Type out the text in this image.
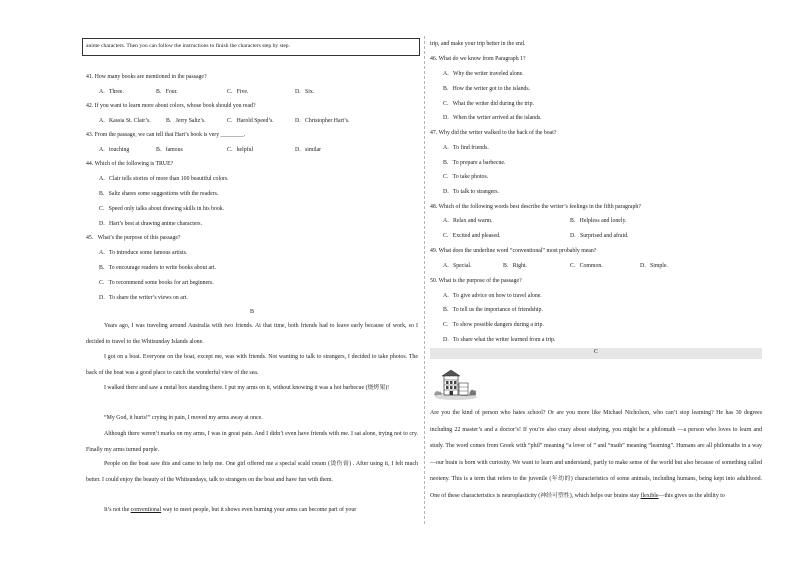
anime characters. Then you can follow the instructions to finish the characters step by step.
41. How many books are mentioned in the passage?
A．Three.	B．Four.	C．Five.	D．Six.
42. If you want to learn more about colors, whose book should you read?
A．Kassia St. Clair’s.	B．Jerry Saltz’s.	C．Harold Speed’s.	D．Christopher Hart’s.
43. From the passage, we can tell that Hart’s book is very ________.
A．touching	B．famous	C．helpful	D．similar
44. Which of the following is TRUE?
A．Clair tells stories of more than 100 beautiful colors.
B．Saltz shares some suggestions with the readers.
C．Speed only talks about drawing skills in his book.
D．Hart’s best at drawing anime characters.
45．What’s the purpose of this passage?
A．To introduce some famous artists.
B．To encourage readers to write books about art.
C．To recommend some books for art beginners.
D．To share the writer’s views on art.
B
Years ago, I was traveling around Australia with two friends. At that time, both friends had to leave early because of work, so I decided to travel to the Whitsunday Islands alone.
I got on a boat. Everyone on the boat, except me, was with friends. Not wanting to talk to strangers, I decided to take photos. The back of the boat was a good place to catch the wonderful view of the sea.
I walked there and saw a metal box standing there. I put my arms on it, without knowing it was a hot barbecue (烧烤架)!
“My God, it hurts!” crying in pain, I moved my arms away at once.
Although there weren’t marks on my arms, I was in great pain. And I didn’t even have friends with me. I sat alone, trying not to cry. Finally my arms turned purple.
People on the boat saw this and came to help me. One girl offered me a special scald cream (烫伤膏) . After using it, I felt much better. I could enjoy the beauty of the Whitsundays, talk to strangers on the boat and have fun with them.
It’s not the conventional way to meet people, but it shows even burning your arms can become part of your
trip, and make your trip better in the end.
46. What do we know from Paragraph 1?
A．Why the writer traveled alone.
B．How the writer got to the islands.
C．What the writer did during the trip.
D．When the writer arrived at the islands.
47. Why did the writer walked to the back of the boat?
A．To find friends.
B．To prepare a barbecue.
C．To take photos.
D．To talk to strangers.
48. Which of the following words best describe the writer’s feelings in the fifth paragraph?
A．Relax and warm.	B．Helpless and lonely.
C．Excited and pleased.	D．Surprised and afraid.
49. What does the underline word “conventional” most probably mean?
A．Special.	B．Right.	C．Common.	D．Simple.
50. What is the purpose of the passage?
A．To give advice on how to travel alone.
B．To tell us the importance of friendship.
C．To show possible dangers during a trip.
D．To share what the writer learned from a trip.
C
Are you the kind of person who hates school? Or are you more like Michael Nicholson, who can’t stop learning? He has 30 degrees including 22 master’s and a doctor’s! If you’re also crazy about studying, you might be a philomath —a person who loves to learn and study. The word comes from Greek with “phil” meaning “a lover of ” and “math” meaning “learning”. Humans are all philomaths in a way—our brain is born with curiosity. We want to learn and understand, partly to make sense of the world but also because of something called neoteny. This is a term that refers to the juvenile (年幼的) characteristics of some animals, including humans, being kept into adulthood. One of these characteristics is neuroplasticity (神经可塑性), which helps our brains stay flexible—this gives us the ability to
